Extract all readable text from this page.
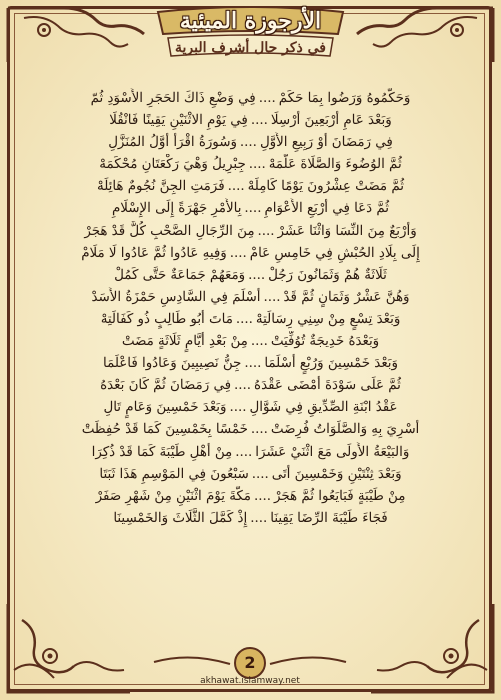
الأرجوزة الميئية
في ذكر حال أشرف البرية
وَحَكَّمُوهُ وَرَضُوا بِمَا حَكَمْ....فِي وَضْعِ ذَاكَ الحَجَرِ الأَسْوَدِ ثُمّ
وَبَعْدَ عَامِ أَرْبَعِينَ أُرْسِلَا....فِي يَوْمِ الاثْنَيْنِ يَقِينًا فَانْقُلَا
فِي رَمَضَانَ أَوْ رَبِيعِ الأَوَّلِ....وَسُورَةُ اقْرَأْ أَوَّلُ المُنَزَّلِ
ثُمَّ الوُضُوءَ وَالصَّلَاةَ عَلَّمَهْ....جِبْرِيلُ وَهْيَ رَكْعَتَانِ مُحْكَمَهْ
ثُمَّ مَضَتْ عِشْرُونَ يَوْمًا كَامِلَهْ....فَرَمَتِ الجِنَّ نُجُومٌ هَائِلَهْ
ثُمَّ دَعَا فِي أَرْبَعِ الأَعْوَامِ....بِالأَمْرِ جَهْرَةً إِلَى الإِسْلَامِ
وَأَرْبَعٌ مِنَ النِّسَا وَاثْنَا عَشَرْ....مِنَ الرِّجَالِ الصَّحْبِ كُلٌّ قَدْ هَجَرْ
إِلَى بِلَادِ الحُبْشِ فِي خَامِسِ عَامْ....وَفِيهِ عَادُوا ثُمَّ عَادُوا لَا مَلَامْ
ثَلَاثَةٌ هُمْ وَثَمَانُونَ رَجُلْ....وَمَعَهُمْ جَمَاعَةٌ حَتَّى كَمُلْ
وَهُنَّ عَشْرٌ وَثَمَانٍ ثُمَّ قَدْ....أَسْلَمَ فِي السَّادِسِ حَمْزَةُ الأَسَدْ
وَبَعْدَ تِسْعٍ مِنْ سِنِي رِسَالَتِهْ....مَاتَ أَبُو طَالِبٍ ذُو كَفَالَتِهْ
وَبَعْدَهُ خَدِيجَةٌ تُوُفِّيَتْ....مِنْ بَعْدِ أَيَّامٍ ثَلَاثَةٍ مَضَتْ
وَبَعْدَ خَمْسِينَ وَرُبْعٍ أَسْلَمَا....جِنُّ نَصِيبِينَ وَعَادُوا فَاعْلَمَا
ثُمَّ عَلَى سَوْدَةَ أَمْضَى عَقْدَهُ....فِي رَمَضَانَ ثُمَّ كَانَ بَعْدَهُ
عَقْدُ ابْنَةِ الصِّدِّيقِ فِي شَوَّالِ....وَبَعْدَ خَمْسِينَ وَعَامٍ تَالِ
أُسْرِيَ بِهِ وَالصَّلَوَاتُ فُرِضَتْ....خَمْسًا بِخَمْسِينَ كَمَا قَدْ حُفِظَتْ
وَالبَيْعَةُ الأُولَى مَعَ اثْنَيْ عَشَرَا....مِنْ أَهْلِ طَيْبَةَ كَمَا قَدْ ذُكِرَا
وَبَعْدَ ثِنْتَيْنِ وَخَمْسِينَ أَتَى....سَبْعُونَ فِي المَوْسِمِ هَذَا ثَبَتَا
مِنْ طَيْبَةٍ فَبَايَعُوا ثُمَّ هَجَرْ....مَكَّةَ يَوْمَ اثْنَيْنِ مِنْ شَهْرِ صَفَرْ
فَجَاءَ طَيْبَةَ الرِّضَا يَقِينَا....إِذْ كَمَّلَ الثَّلَاثَ وَالخَمْسِينَا
2
akhawat.islamway.net
